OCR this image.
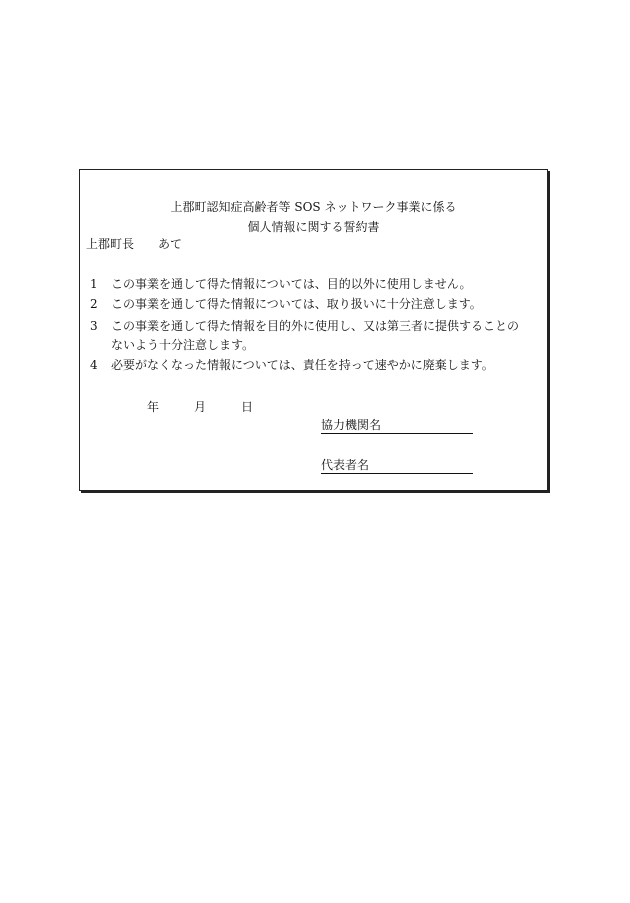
上郡町認知症高齢者等 SOS ネットワーク事業に係る
個人情報に関する誓約書
上郡町長 あて
1 この事業を通して得た情報については、目的以外に使用しません。
2 この事業を通して得た情報については、取り扱いに十分注意します。
3 この事業を通して得た情報を目的外に使用し、又は第三者に提供することの
ないよう十分注意します。
4 必要がなくなった情報については、責任を持って速やかに廃棄します。
年	月	日
協力機関名
代表者名
